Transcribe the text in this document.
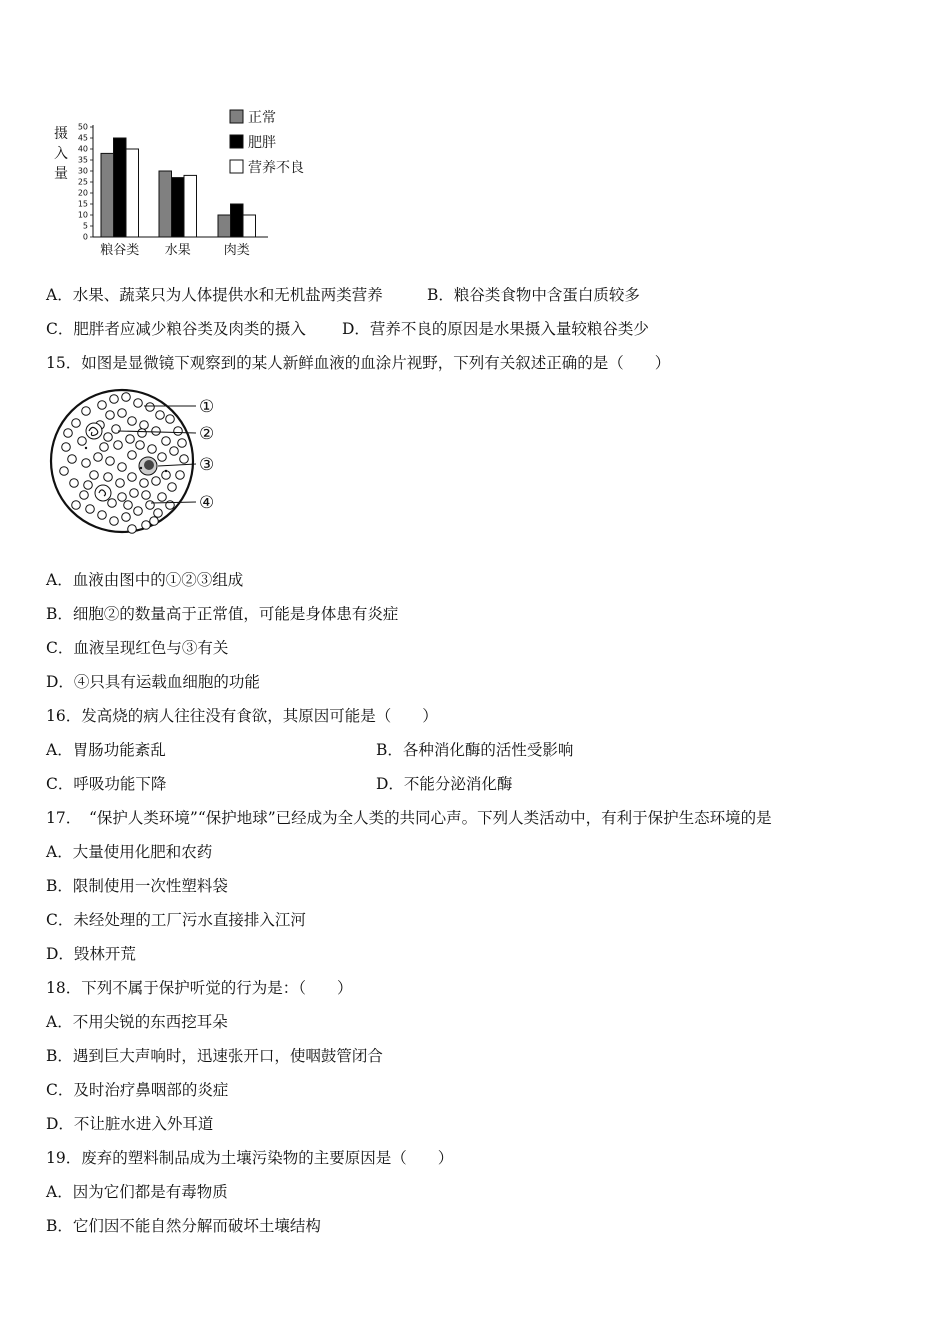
摄
入
量
0
5
10
15
20
25
30
35
40
45
50
粮谷类 水果	肉类
正常
肥胖
营养不良
A．水果、蔬菜只为人体提供水和无机盐两类营养	B．粮谷类食物中含蛋白质较多
C．肥胖者应减少粮谷类及肉类的摄入 D．营养不良的原因是水果摄入量较粮谷类少
15．如图是显微镜下观察到的某人新鲜血液的血涂片视野，下列有关叙述正确的是（　　）
①
②
③
④
A．血液由图中的①②③组成
B．细胞②的数量高于正常值，可能是身体患有炎症
C．血液呈现红色与③有关
D．④只具有运载血细胞的功能
16．发高烧的病人往往没有食欲，其原因可能是（　　）
A．胃肠功能紊乱	B．各种消化酶的活性受影响
C．呼吸功能下降	D．不能分泌消化酶
17．　“保护人类环境”“保护地球”已经成为全人类的共同心声。下列人类活动中，有利于保护生态环境的是
A．大量使用化肥和农药
B．限制使用一次性塑料袋
C．未经处理的工厂污水直接排入江河
D．毁林开荒
18．下列不属于保护听觉的行为是：（　　）
A．不用尖锐的东西挖耳朵
B．遇到巨大声响时，迅速张开口，使咽鼓管闭合
C．及时治疗鼻咽部的炎症
D．不让脏水进入外耳道
19．废弃的塑料制品成为土壤污染物的主要原因是（　　）
A．因为它们都是有毒物质
B．它们因不能自然分解而破坏土壤结构
